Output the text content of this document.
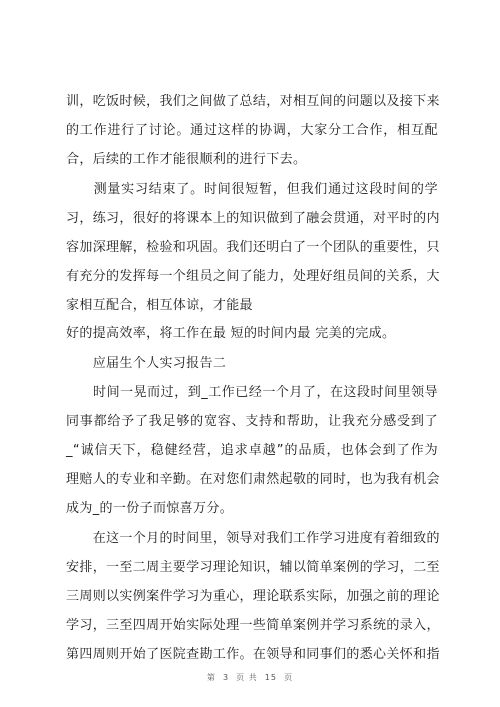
训，吃饭时候，我们之间做了总结，对相互间的问题以及接下来
的工作进行了讨论。通过这样的协调，大家分工合作，相互配
合，后续的工作才能很顺利的进行下去。
　　测量实习结束了。时间很短暂，但我们通过这段时间的学
习，练习，很好的将课本上的知识做到了融会贯通，对平时的内
容加深理解，检验和巩固。我们还明白了一个团队的重要性，只
有充分的发挥每一个组员之间了能力，处理好组员间的关系，大
家相互配合，相互体谅，才能最
好的提高效率，将工作在最 短的时间内最 完美的完成。
　　应届生个人实习报告二
　　时间一晃而过，到_工作已经一个月了，在这段时间里领导
同事都给予了我足够的宽容、支持和帮助，让我充分感受到了
_“诚信天下，稳健经营，追求卓越”的品质，也体会到了作为
理赔人的专业和辛勤。在对您们肃然起敬的同时，也为我有机会
成为_的一份子而惊喜万分。
　　在这一个月的时间里，领导对我们工作学习进度有着细致的
安排，一至二周主要学习理论知识，辅以简单案例的学习，二至
三周则以实例案件学习为重心，理论联系实际，加强之前的理论
学习，三至四周开始实际处理一些简单案例并学习系统的录入，
第四周则开始了医院查勘工作。在领导和同事们的悉心关怀和指
第  3  页 共  15  页
